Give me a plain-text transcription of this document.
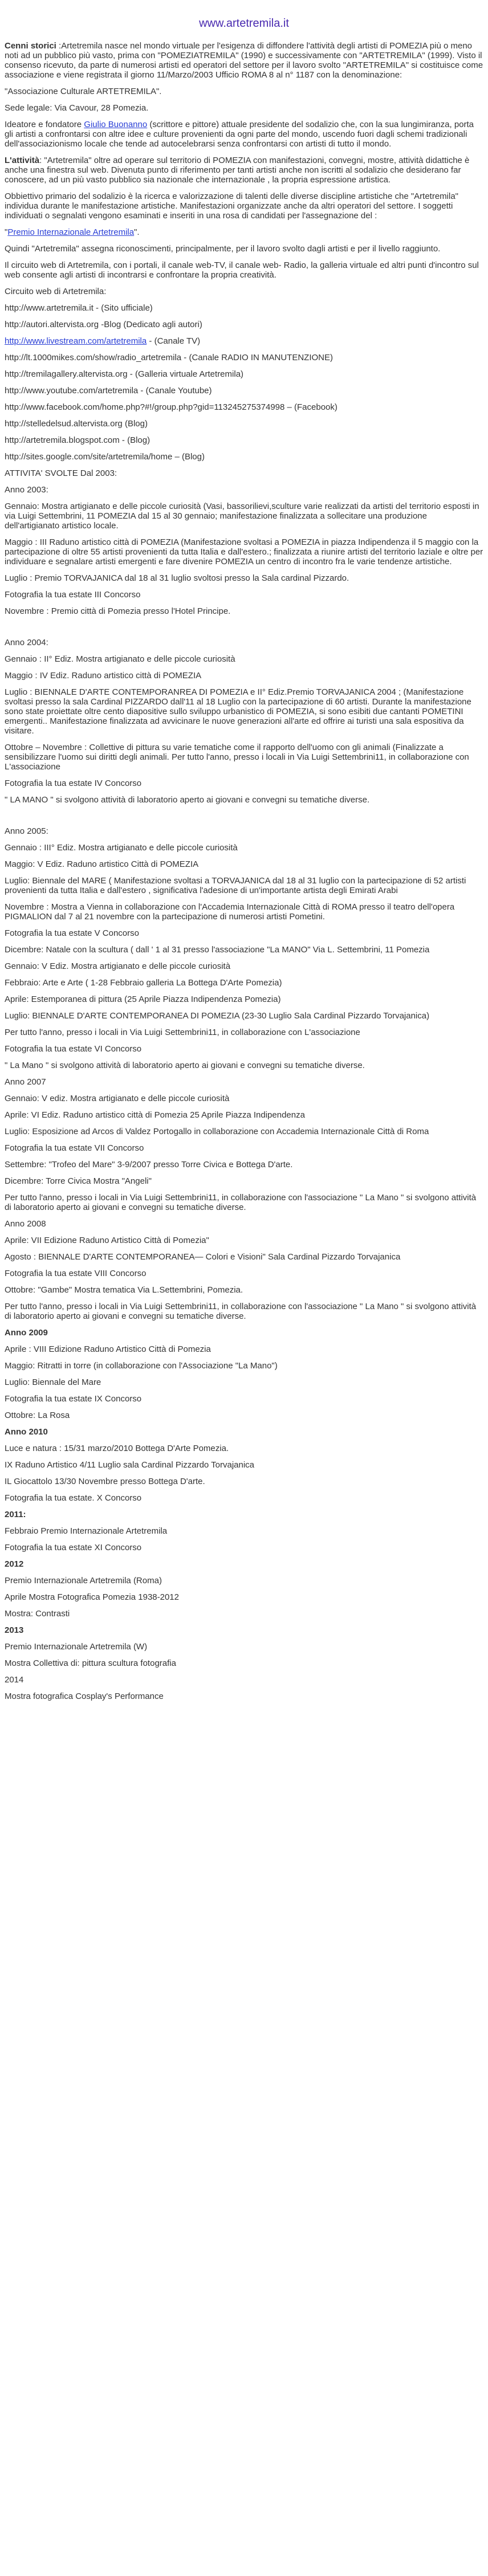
www.artetremila.it

Cenni storici :Artetremila nasce nel mondo virtuale per l'esigenza di diffondere l'attività degli artisti di POMEZIA più o meno noti ad un pubblico più vasto, prima con "POMEZIATREMILA" (1990) e successivamente con "ARTETREMILA" (1999). Visto il consenso ricevuto, da parte di numerosi artisti ed operatori del settore per il lavoro svolto "ARTETREMILA" si costituisce come associazione e viene registrata il giorno 11/Marzo/2003 Ufficio ROMA 8 al n° 1187 con la denominazione:

"Associazione Culturale ARTETREMILA".

Sede legale: Via Cavour, 28 Pomezia.

Ideatore e fondatore Giulio Buonanno (scrittore e pittore) attuale presidente del sodalizio che, con la sua lungimiranza, porta gli artisti a confrontarsi con altre idee e culture provenienti da ogni parte del mondo, uscendo fuori dagli schemi tradizionali dell'associazionismo locale che tende ad autocelebrarsi senza confrontarsi con artisti di tutto il mondo.

L'attività: "Artetremila" oltre ad operare sul territorio di POMEZIA con manifestazioni, convegni, mostre, attività didattiche è anche una finestra sul web. Divenuta punto di riferimento per tanti artisti anche non iscritti al sodalizio che desiderano far conoscere, ad un più vasto pubblico sia nazionale che internazionale , la propria espressione artistica.

Obbiettivo primario del sodalizio è la ricerca e valorizzazione di talenti delle diverse discipline artistiche che "Artetremila" individua durante le manifestazione artistiche. Manifestazioni organizzate anche da altri operatori del settore. I soggetti individuati o segnalati vengono esaminati e inseriti in una rosa di candidati per l'assegnazione del :

"Premio Internazionale Artetremila".

Quindi "Artetremila" assegna riconoscimenti, principalmente, per il lavoro svolto dagli artisti e per il livello raggiunto.

Il circuito web di Artetremila, con i portali, il canale web-TV, il canale web- Radio, la galleria virtuale ed altri punti d'incontro sul web consente agli artisti di incontrarsi e confrontare la propria creatività.

Circuito web di Artetremila:

http://www.artetremila.it - (Sito ufficiale)

http://autori.altervista.org -Blog (Dedicato agli autori)

http://www.livestream.com/artetremila - (Canale TV)

http://lt.1000mikes.com/show/radio_artetremila - (Canale RADIO IN MANUTENZIONE)

http://tremilagallery.altervista.org - (Galleria virtuale Artetremila)

http://www.youtube.com/artetremila - (Canale Youtube)

http://www.facebook.com/home.php?#!/group.php?gid=113245275374998 – (Facebook)

http://stelledelsud.altervista.org (Blog)

http://artetremila.blogspot.com - (Blog)

http://sites.google.com/site/artetremila/home – (Blog)

ATTIVITA' SVOLTE Dal 2003:

Anno 2003:

Gennaio: Mostra artigianato e delle piccole curiosità (Vasi, bassorilievi,sculture varie realizzati da artisti del territorio esposti in via Luigi Settembrini, 11 POMEZIA dal 15 al 30 gennaio; manifestazione finalizzata a sollecitare una produzione dell'artigianato artistico locale.

Maggio : III Raduno artistico città di POMEZIA (Manifestazione svoltasi a POMEZIA in piazza Indipendenza il 5 maggio con la partecipazione di oltre 55 artisti provenienti da tutta Italia e dall'estero.; finalizzata a riunire artisti del territorio laziale e oltre per individuare e segnalare artisti emergenti e fare divenire POMEZIA un centro di incontro fra le varie tendenze artistiche.

Luglio : Premio TORVAJANICA dal 18 al 31 luglio svoltosi presso la Sala cardinal Pizzardo.

Fotografia la tua estate III Concorso

Novembre : Premio città di Pomezia presso l'Hotel Principe.

Anno 2004:

Gennaio : II° Ediz. Mostra artigianato e delle piccole curiosità

Maggio : IV Ediz. Raduno artistico città di POMEZIA

Luglio : BIENNALE D'ARTE CONTEMPORANREA DI POMEZIA e II° Ediz.Premio TORVAJANICA 2004 ; (Manifestazione svoltasi presso la sala Cardinal PIZZARDO dall'11 al 18 Luglio con la partecipazione di 60 artisti. Durante la manifestazione sono state proiettate oltre cento diapositive sullo sviluppo urbanistico di POMEZIA, si sono esibiti due cantanti POMETINI emergenti.. Manifestazione finalizzata ad avvicinare le nuove generazioni all'arte ed offrire ai turisti una sala espositiva da visitare.

Ottobre – Novembre : Collettive di pittura su varie tematiche come il rapporto dell'uomo con gli animali (Finalizzate a sensibilizzare l'uomo sui diritti degli animali. Per tutto l'anno, presso i locali in Via Luigi Settembrini11, in collaborazione con L'associazione

Fotografia la tua estate IV Concorso

" LA MANO " si svolgono attività di laboratorio aperto ai giovani e convegni su tematiche diverse.

Anno 2005:

Gennaio : III° Ediz. Mostra artigianato e delle piccole curiosità

Maggio: V Ediz. Raduno artistico Città di POMEZIA

Luglio: Biennale del MARE ( Manifestazione svoltasi a TORVAJANICA dal 18 al 31 luglio con la partecipazione di 52 artisti provenienti da tutta Italia e dall'estero , significativa l'adesione di un'importante artista degli Emirati Arabi

Novembre : Mostra a Vienna in collaborazione con l'Accademia Internazionale Città di ROMA presso il teatro dell'opera PIGMALION dal 7 al 21 novembre con la partecipazione di numerosi artisti Pometini.

Fotografia la tua estate V Concorso

Dicembre: Natale con la scultura ( dall ' 1 al 31 presso l'associazione "La MANO" Via L. Settembrini, 11 Pomezia

Gennaio: V Ediz. Mostra artigianato e delle piccole curiosità

Febbraio: Arte e Arte ( 1-28 Febbraio galleria La Bottega D'Arte Pomezia)

Aprile: Estemporanea di pittura (25 Aprile Piazza Indipendenza Pomezia)

Luglio: BIENNALE D'ARTE CONTEMPORANEA DI POMEZIA (23-30 Luglio Sala Cardinal Pizzardo Torvajanica)

Per tutto l'anno, presso i locali in Via Luigi Settembrini11, in collaborazione con L'associazione

Fotografia la tua estate VI Concorso

" La Mano " si svolgono attività di laboratorio aperto ai giovani e convegni su tematiche diverse.

Anno 2007

Gennaio: V ediz. Mostra artigianato e delle piccole curiosità

Aprile: VI Ediz. Raduno artistico città di Pomezia 25 Aprile Piazza Indipendenza

Luglio: Esposizione ad Arcos di Valdez Portogallo in collaborazione con Accademia Internazionale Città di Roma

Fotografia la tua estate VII Concorso

Settembre: "Trofeo del Mare" 3-9/2007 presso Torre Civica e Bottega D'arte.

Dicembre: Torre Civica Mostra "Angeli"

Per tutto l'anno, presso i locali in Via Luigi Settembrini11, in collaborazione con l'associazione " La Mano " si svolgono attività di laboratorio aperto ai giovani e convegni su tematiche diverse.

Anno 2008

Aprile: VII Edizione Raduno Artistico Città di Pomezia"

Agosto : BIENNALE D'ARTE CONTEMPORANEA— Colori e Visioni" Sala Cardinal Pizzardo Torvajanica

Fotografia la tua estate VIII Concorso

Ottobre: "Gambe" Mostra tematica Via L.Settembrini, Pomezia.

Per tutto l'anno, presso i locali in Via Luigi Settembrini11, in collaborazione con l'associazione " La Mano " si svolgono attività di laboratorio aperto ai giovani e convegni su tematiche diverse.

Anno 2009

Aprile : VIII Edizione Raduno Artistico Città di Pomezia

Maggio: Ritratti in torre (in collaborazione con l'Associazione "La Mano")

Luglio: Biennale del Mare

Fotografia la tua estate IX Concorso

Ottobre: La Rosa

Anno 2010

Luce e natura : 15/31 marzo/2010 Bottega D'Arte Pomezia.

IX Raduno Artistico 4/11 Luglio sala Cardinal Pizzardo Torvajanica

IL Giocattolo 13/30 Novembre presso Bottega D'arte.

Fotografia la tua estate. X Concorso

2011:

Febbraio Premio Internazionale Artetremila

Fotografia la tua estate XI Concorso

2012

Premio Internazionale Artetremila (Roma)

Aprile Mostra Fotografica Pomezia 1938-2012

Mostra: Contrasti

2013

Premio Internazionale Artetremila (W)

Mostra Collettiva di: pittura scultura fotografia

2014

Mostra fotografica Cosplay's Performance
